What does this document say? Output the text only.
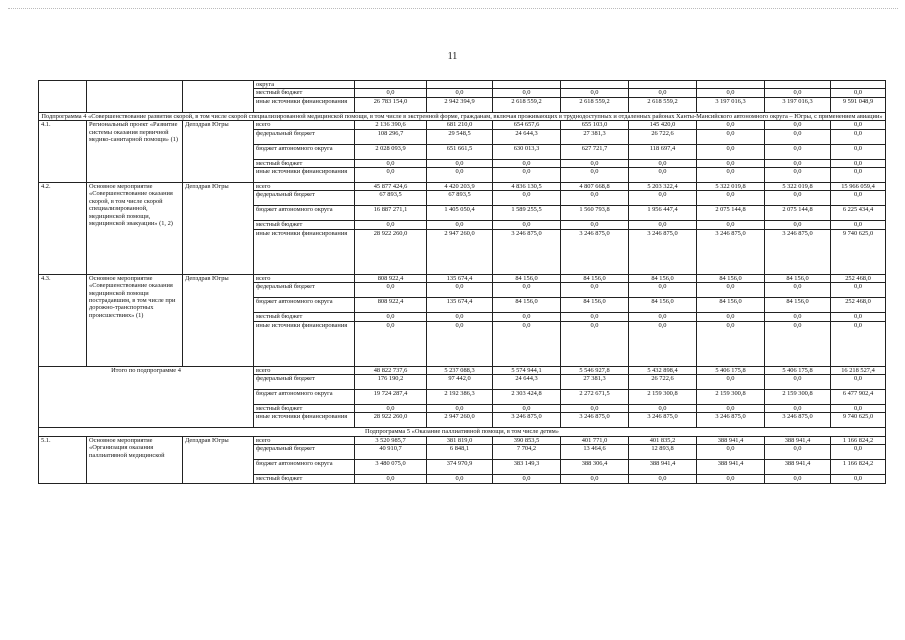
11
			округа								
			местный бюджет	0,0	0,0	0,0	0,0	0,0	0,0	0,0	0,0
			иные источники финансирования	26 783 154,0	2 942 394,9	2 618 559,2	2 618 559,2	2 618 559,2	3 197 016,3	3 197 016,3	9 591 048,9
Подпрограмма 4 «Совершенствование развития скорой, в том числе скорой специализированной медицинской помощи, в том числе в экстренной форме, гражданам, включая проживающих в труднодоступных и отдаленных районах Ханты-Мансийского автономного округа – Югры, с применением авиации»											
4.1.	Региональный проект «Развитие системы оказания первичной медико-санитарной помощи» (1)	Депздрав Югры	всего	2 136 390,6	681 210,0	654 657,6	655 103,0	145 420,0	0,0	0,0	0,0
			федеральный бюджет	108 296,7	29 548,5	24 644,3	27 381,3	26 722,6	0,0	0,0	0,0
			бюджет автономного округа	2 028 093,9	651 661,5	630 013,3	627 721,7	118 697,4	0,0	0,0	0,0
			местный бюджет	0,0	0,0	0,0	0,0	0,0	0,0	0,0	0,0
			иные источники финансирования	0,0	0,0	0,0	0,0	0,0	0,0	0,0	0,0
4.2.	Основное мероприятие «Совершенствование оказания скорой, в том числе скорой специализированной, медицинской помощи, медицинской эвакуации» (1, 2)	Депздрав Югры	всего	45 877 424,6	4 420 203,9	4 836 130,5	4 807 668,8	5 203 322,4	5 322 019,8	5 322 019,8	15 966 059,4
			федеральный бюджет	67 893,5	67 893,5	0,0	0,0	0,0	0,0	0,0	0,0
			бюджет автономного округа	16 887 271,1	1 405 050,4	1 589 255,5	1 560 793,8	1 956 447,4	2 075 144,8	2 075 144,8	6 225 434,4
			местный бюджет	0,0	0,0	0,0	0,0	0,0	0,0	0,0	0,0
			иные источники финансирования	28 922 260,0	2 947 260,0	3 246 875,0	3 246 875,0	3 246 875,0	3 246 875,0	3 246 875,0	9 740 625,0
4.3.	Основное мероприятие «Совершенствование оказания медицинской помощи пострадавшим, в том числе при дорожно-транспортных происшествиях» (1)	Депздрав Югры	всего	808 922,4	135 674,4	84 156,0	84 156,0	84 156,0	84 156,0	84 156,0	252 468,0
			федеральный бюджет	0,0	0,0	0,0	0,0	0,0	0,0	0,0	0,0
			бюджет автономного округа	808 922,4	135 674,4	84 156,0	84 156,0	84 156,0	84 156,0	84 156,0	252 468,0
			местный бюджет	0,0	0,0	0,0	0,0	0,0	0,0	0,0	0,0
			иные источники финансирования	0,0	0,0	0,0	0,0	0,0	0,0	0,0	0,0
Итого по подпрограмме 4			всего	48 822 737,6	5 237 088,3	5 574 944,1	5 546 927,8	5 432 898,4	5 406 175,8	5 406 175,8	16 218 527,4
			федеральный бюджет	176 190,2	97 442,0	24 644,3	27 381,3	26 722,6	0,0	0,0	0,0
			бюджет автономного округа	19 724 287,4	2 192 386,3	2 303 424,8	2 272 671,5	2 159 300,8	2 159 300,8	2 159 300,8	6 477 902,4
			местный бюджет	0,0	0,0	0,0	0,0	0,0	0,0	0,0	0,0
			иные источники финансирования	28 922 260,0	2 947 260,0	3 246 875,0	3 246 875,0	3 246 875,0	3 246 875,0	3 246 875,0	9 740 625,0
Подпрограмма 5 «Оказание паллиативной помощи, в том числе детям»											
5.1.	Основное мероприятие «Организация оказания паллиативной медицинской	Депздрав Югры	всего	3 520 985,7	381 819,0	390 853,5	401 771,0	401 835,2	388 941,4	388 941,4	1 166 824,2
			федеральный бюджет	40 910,7	6 848,1	7 704,2	13 464,6	12 893,8	0,0	0,0	0,0
			бюджет автономного округа	3 480 075,0	374 970,9	383 149,3	388 306,4	388 941,4	388 941,4	388 941,4	1 166 824,2
			местный бюджет	0,0	0,0	0,0	0,0	0,0	0,0	0,0	0,0
